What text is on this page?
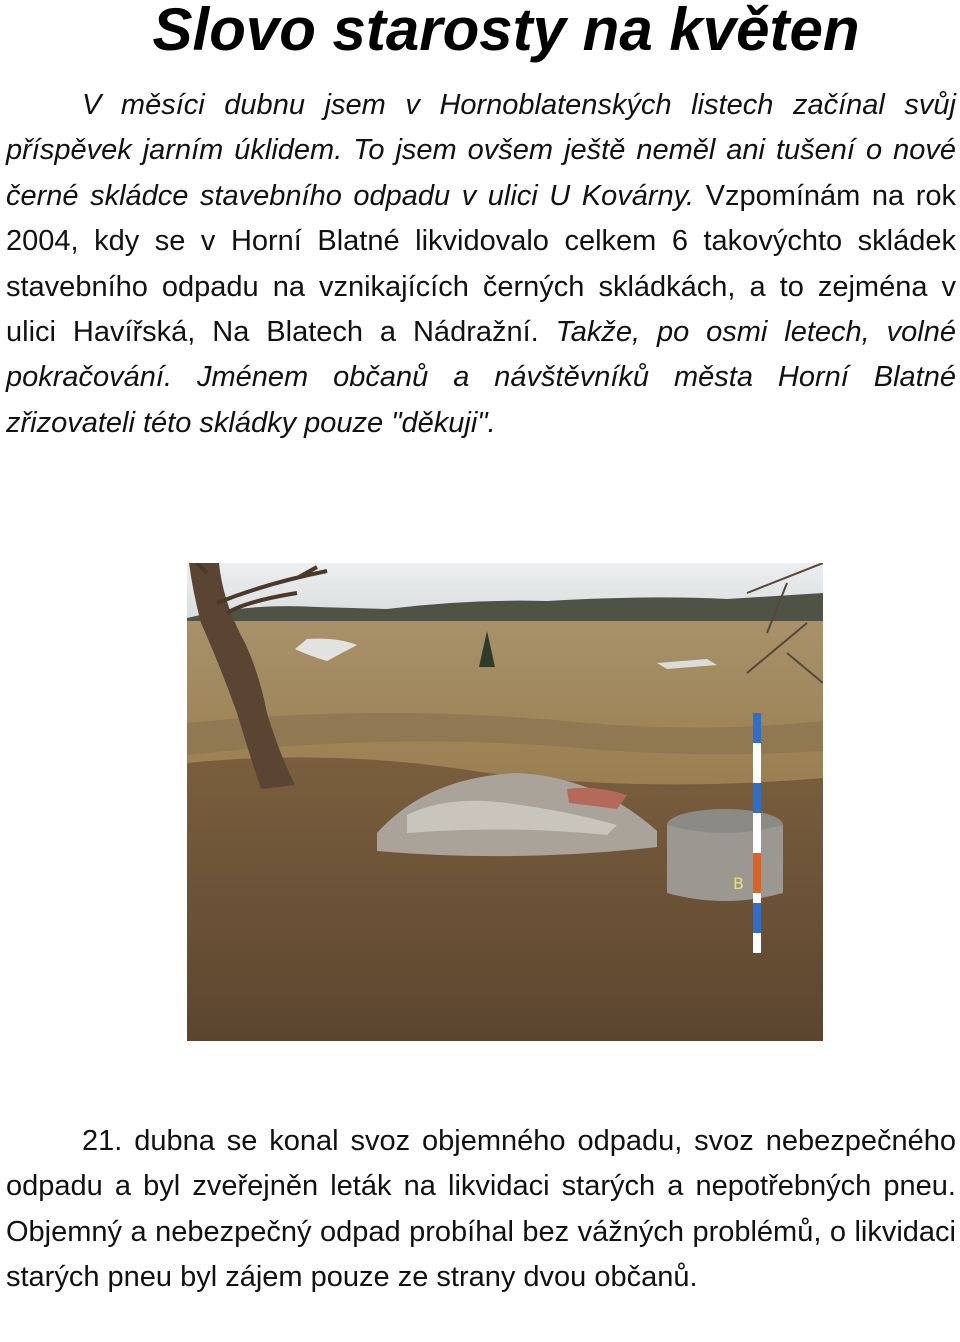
Slovo starosty na květen

V měsíci dubnu jsem v Hornoblatenských listech začínal svůj příspěvek jarním úklidem. To jsem ovšem ještě neměl ani tušení o nové černé skládce stavebního odpadu v ulici U Kovárny. Vzpomínám na rok 2004, kdy se v Horní Blatné likvidovalo celkem 6 takovýchto skládek stavebního odpadu na vznikajících černých skládkách, a to zejména v ulici Havířská, Na Blatech a Nádražní. Takže, po osmi letech, volné pokračování. Jménem občanů a návštěvníků města Horní Blatné zřizovateli této skládky pouze "děkuji".

B

21. dubna se konal svoz objemného odpadu, svoz nebezpečného odpadu a byl zveřejněn leták na likvidaci starých a nepotřebných pneu. Objemný a nebezpečný odpad probíhal bez vážných problémů, o likvidaci starých pneu byl zájem pouze ze strany dvou občanů.
